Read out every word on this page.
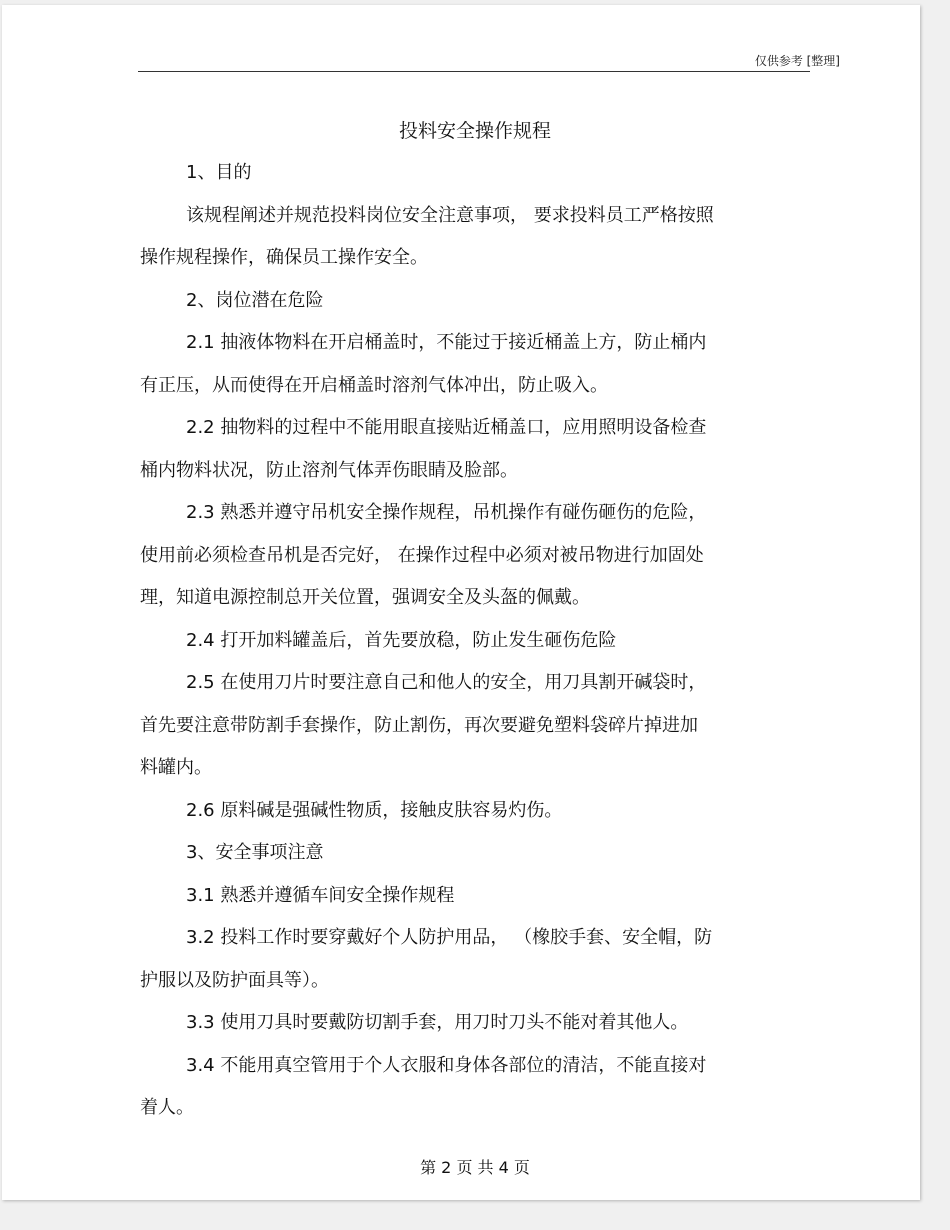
仅供参考 [整理]
投料安全操作规程

1、目的

该规程阐述并规范投料岗位安全注意事项， 要求投料员工严格按照

操作规程操作，确保员工操作安全。

2、岗位潜在危险

2.1 抽液体物料在开启桶盖时，不能过于接近桶盖上方，防止桶内

有正压，从而使得在开启桶盖时溶剂气体冲出，防止吸入。

2.2 抽物料的过程中不能用眼直接贴近桶盖口，应用照明设备检查

桶内物料状况，防止溶剂气体弄伤眼睛及脸部。

2.3 熟悉并遵守吊机安全操作规程，吊机操作有碰伤砸伤的危险，

使用前必须检查吊机是否完好， 在操作过程中必须对被吊物进行加固处

理，知道电源控制总开关位置，强调安全及头盔的佩戴。

2.4 打开加料罐盖后，首先要放稳，防止发生砸伤危险

2.5 在使用刀片时要注意自己和他人的安全，用刀具割开碱袋时，

首先要注意带防割手套操作，防止割伤，再次要避免塑料袋碎片掉进加

料罐内。

2.6 原料碱是强碱性物质，接触皮肤容易灼伤。

3、安全事项注意

3.1 熟悉并遵循车间安全操作规程

3.2 投料工作时要穿戴好个人防护用品， （橡胶手套、安全帽，防

护服以及防护面具等）。

3.3 使用刀具时要戴防切割手套，用刀时刀头不能对着其他人。

3.4 不能用真空管用于个人衣服和身体各部位的清洁，不能直接对

着人。

第 2 页 共 4 页
